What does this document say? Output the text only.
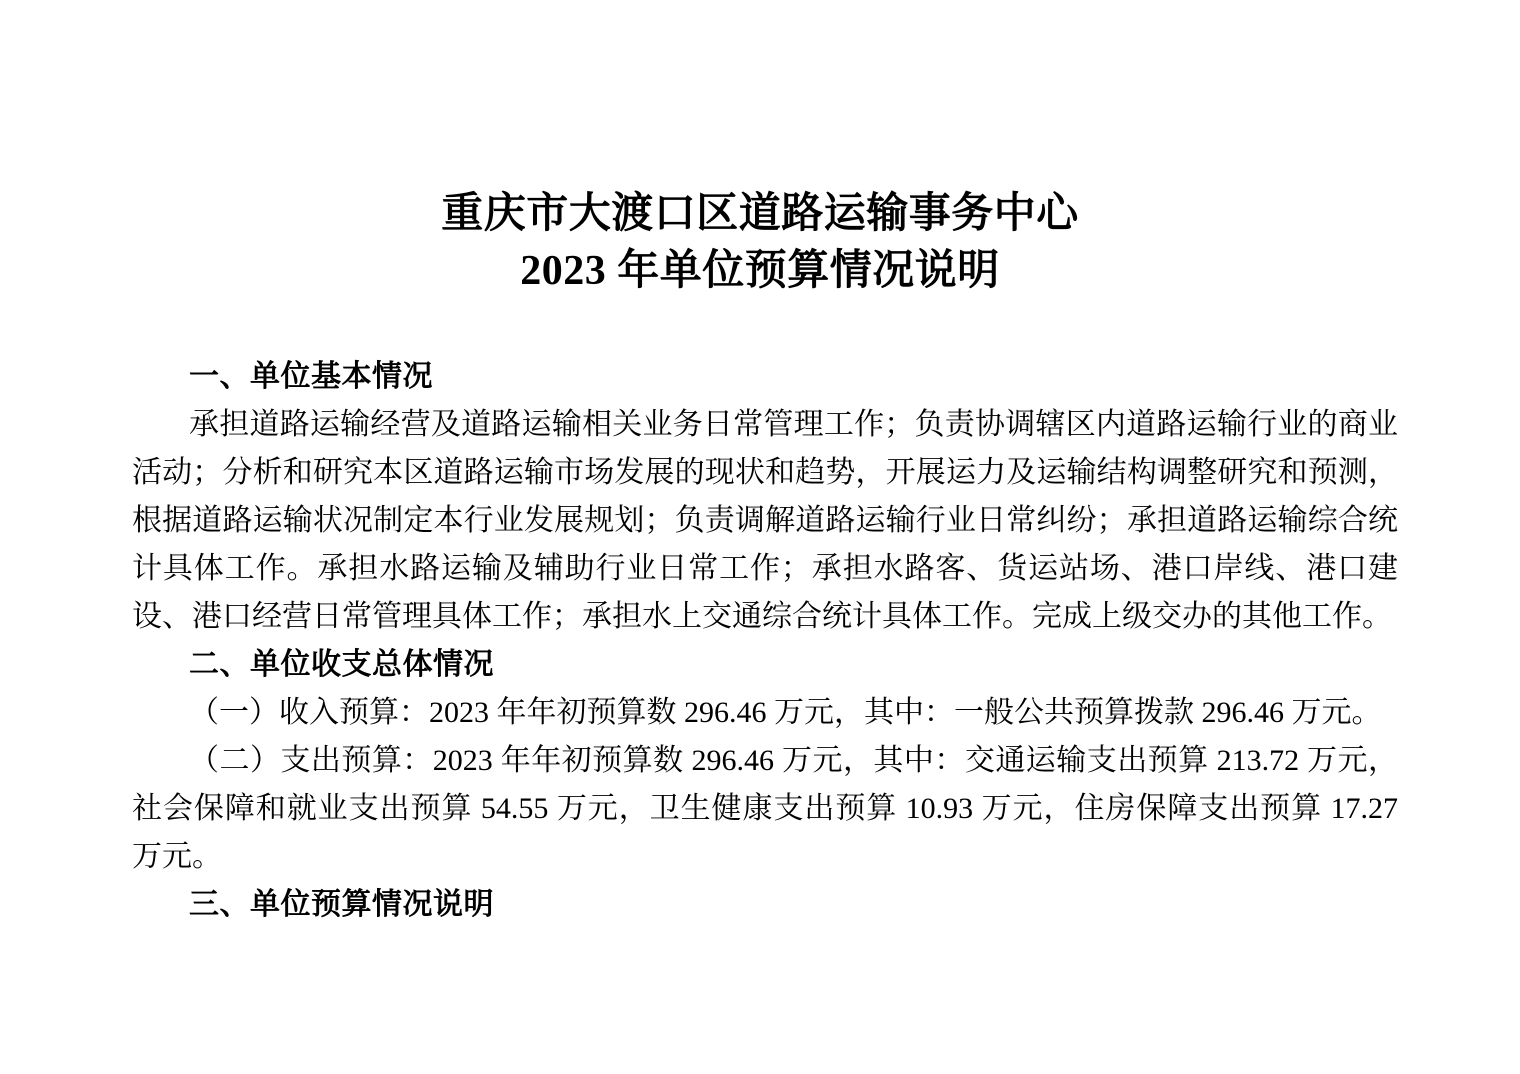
重庆市大渡口区道路运输事务中心
2023 年单位预算情况说明
一、单位基本情况

承担道路运输经营及道路运输相关业务日常管理工作；负责协调辖区内道路运输行业的商业活动；分析和研究本区道路运输市场发展的现状和趋势，开展运力及运输结构调整研究和预测，根据道路运输状况制定本行业发展规划；负责调解道路运输行业日常纠纷；承担道路运输综合统计具体工作。承担水路运输及辅助行业日常工作；承担水路客、货运站场、港口岸线、港口建设、港口经营日常管理具体工作；承担水上交通综合统计具体工作。完成上级交办的其他工作。

二、单位收支总体情况

（一）收入预算：2023 年年初预算数 296.46 万元，其中：一般公共预算拨款 296.46 万元。

（二）支出预算：2023 年年初预算数 296.46 万元，其中：交通运输支出预算 213.72 万元，社会保障和就业支出预算 54.55 万元，卫生健康支出预算 10.93 万元，住房保障支出预算 17.27 万元。

三、单位预算情况说明
